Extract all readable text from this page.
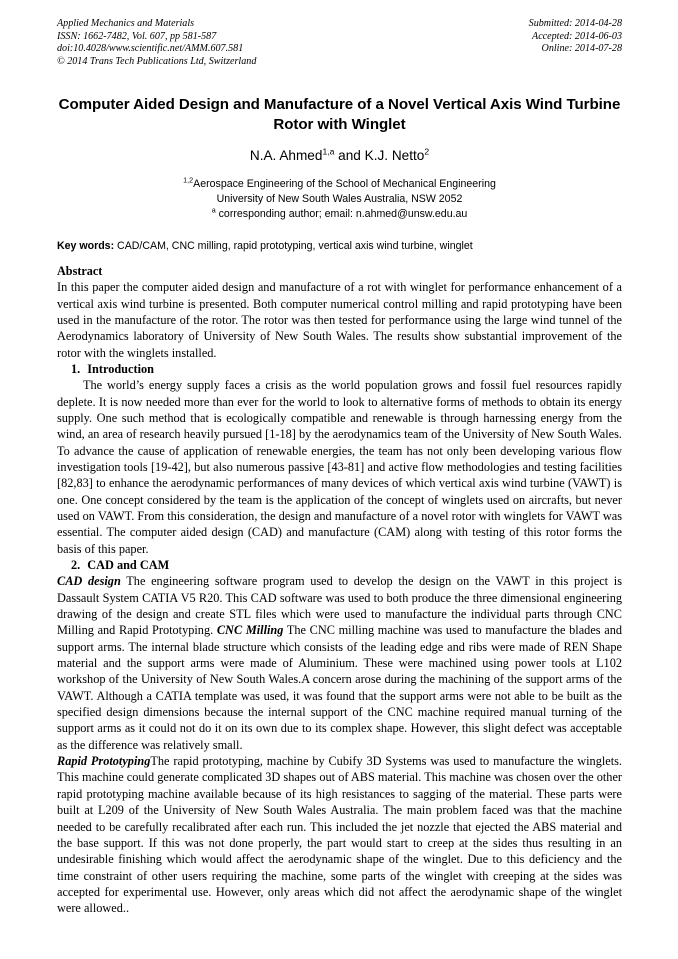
Applied Mechanics and Materials
ISSN: 1662-7482, Vol. 607, pp 581-587
doi:10.4028/www.scientific.net/AMM.607.581
© 2014 Trans Tech Publications Ltd, Switzerland
Submitted: 2014-04-28
Accepted: 2014-06-03
Online: 2014-07-28
Computer Aided Design and Manufacture of a Novel Vertical Axis Wind Turbine Rotor with Winglet
N.A. Ahmed$^{1,a}$ and K.J. Netto$^2$
$^{1,2}$Aerospace Engineering of the School of Mechanical Engineering
University of New South Wales Australia, NSW 2052
$^a$ corresponding author; email: n.ahmed@unsw.edu.au
Key words: CAD/CAM, CNC milling, rapid prototyping, vertical axis wind turbine, winglet
Abstract

In this paper the computer aided design and manufacture of a rot with winglet for performance enhancement of a vertical axis wind turbine is presented. Both computer numerical control milling and rapid prototyping have been used in the manufacture of the rotor. The rotor was then tested for performance using the large wind tunnel of the Aerodynamics laboratory of University of New South Wales. The results show substantial improvement of the rotor with the winglets installed.

1. Introduction

The world’s energy supply faces a crisis as the world population grows and fossil fuel resources rapidly deplete. It is now needed more than ever for the world to look to alternative forms of methods to obtain its energy supply. One such method that is ecologically compatible and renewable is through harnessing energy from the wind, an area of research heavily pursued [1-18] by the aerodynamics team of the University of New South Wales. To advance the cause of application of renewable energies, the team has not only been developing various flow investigation tools [19-42], but also numerous passive [43-81] and active flow methodologies and testing facilities [82,83] to enhance the aerodynamic performances of many devices of which vertical axis wind turbine (VAWT) is one. One concept considered by the team is the application of the concept of winglets used on aircrafts, but never used on VAWT. From this consideration, the design and manufacture of a novel rotor with winglets for VAWT was essential. The computer aided design (CAD) and manufacture (CAM) along with testing of this rotor forms the basis of this paper.

2. CAD and CAM

CAD design The engineering software program used to develop the design on the VAWT in this project is Dassault System CATIA V5 R20. This CAD software was used to both produce the three dimensional engineering drawing of the design and create STL files which were used to manufacture the individual parts through CNC Milling and Rapid Prototyping. CNC Milling The CNC milling machine was used to manufacture the blades and support arms. The internal blade structure which consists of the leading edge and ribs were made of REN Shape material and the support arms were made of Aluminium. These were machined using power tools at L102 workshop of the University of New South Wales.A concern arose during the machining of the support arms of the VAWT. Although a CATIA template was used, it was found that the support arms were not able to be built as the specified design dimensions because the internal support of the CNC machine required manual turning of the support arms as it could not do it on its own due to its complex shape. However, this slight defect was acceptable as the difference was relatively small.

Rapid PrototypingThe rapid prototyping, machine by Cubify 3D Systems was used to manufacture the winglets. This machine could generate complicated 3D shapes out of ABS material. This machine was chosen over the other rapid prototyping machine available because of its high resistances to sagging of the material. These parts were built at L209 of the University of New South Wales Australia. The main problem faced was that the machine needed to be carefully recalibrated after each run. This included the jet nozzle that ejected the ABS material and the base support. If this was not done properly, the part would start to creep at the sides thus resulting in an undesirable finishing which would affect the aerodynamic shape of the winglet. Due to this deficiency and the time constraint of other users requiring the machine, some parts of the winglet with creeping at the sides was accepted for experimental use. However, only areas which did not affect the aerodynamic shape of the winglet were allowed..
